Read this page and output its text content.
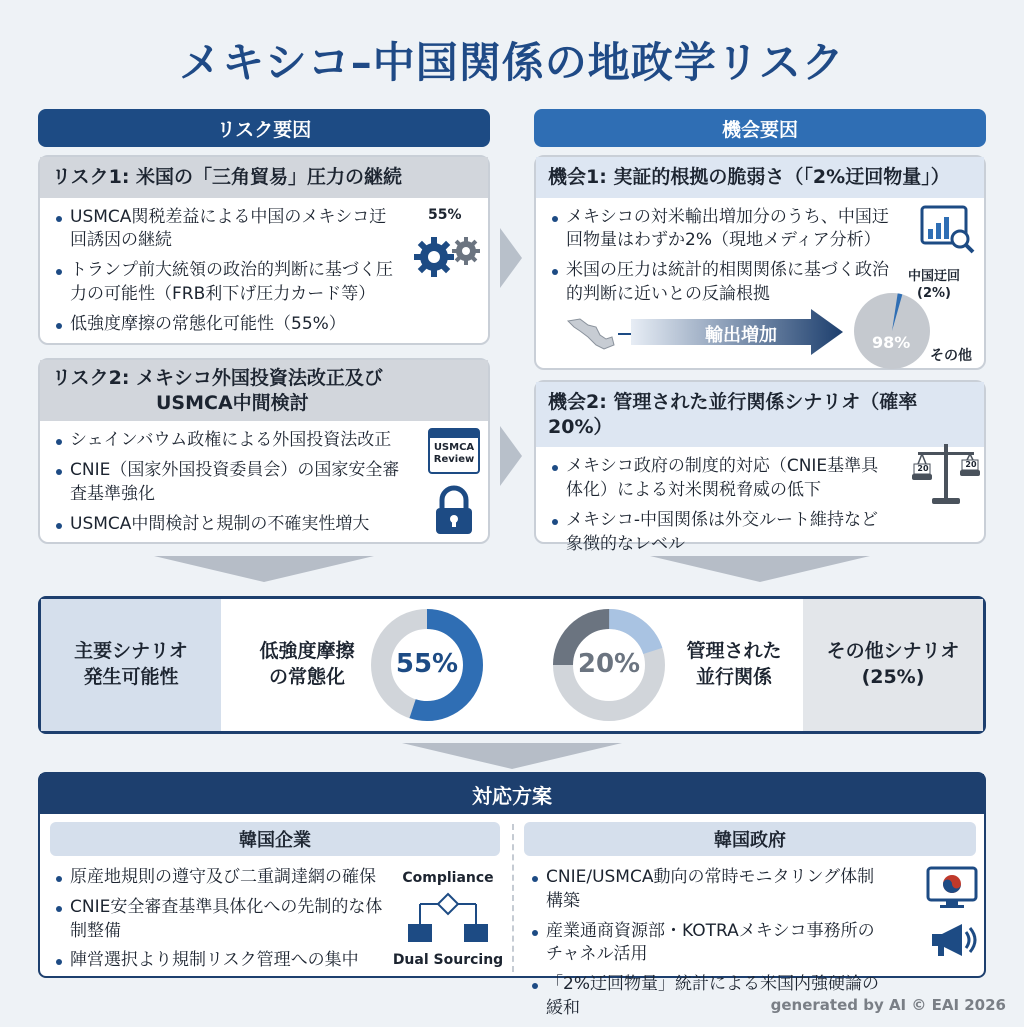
メキシコ–中国関係の地政学リスク
リスク要因	機会要因
リスク1: 米国の「三角貿易」圧力の継続
USMCA関税差益による中国のメキシコ迂回誘因の継続
トランプ前大統領の政治的判断に基づく圧力の可能性（FRB利下げ圧力カード等）
低強度摩擦の常態化可能性（55%）
55%
リスク2: メキシコ外国投資法改正及び
USMCA中間検討
シェインバウム政権による外国投資法改正
CNIE（国家外国投資委員会）の国家安全審査基準強化
USMCA中間検討と規制の不確実性増大
USMCA
Review
機会1: 実証的根拠の脆弱さ（「2%迂回物量」）
メキシコの対米輸出増加分のうち、中国迂回物量はわずか2%（現地メディア分析）
米国の圧力は統計的相関関係に基づく政治的判断に近いとの反論根拠
輸出増加	98%
中国迂回
(2%)
その他
機会2: 管理された並行関係シナリオ（確率20%）
メキシコ政府の制度的対応（CNIE基準具体化）による対米関税脅威の低下
メキシコ-中国関係は外交ルート維持など象徴的なレベル
20	20
主要シナリオ
発生可能性
低強度摩擦
の常態化	55%	20%	管理された
並行関係
その他シナリオ
(25%)
対応方案
韓国企業
原産地規則の遵守及び二重調達網の確保
CNIE安全審査基準具体化への先制的な体制整備
陣営選択より規制リスク管理への集中
Compliance
Dual Sourcing
韓国政府
CNIE/USMCA動向の常時モニタリング体制構築
産業通商資源部・KOTRAメキシコ事務所のチャネル活用
「2%迂回物量」統計による米国内強硬論の緩和	generated by AI © EAI 2026
